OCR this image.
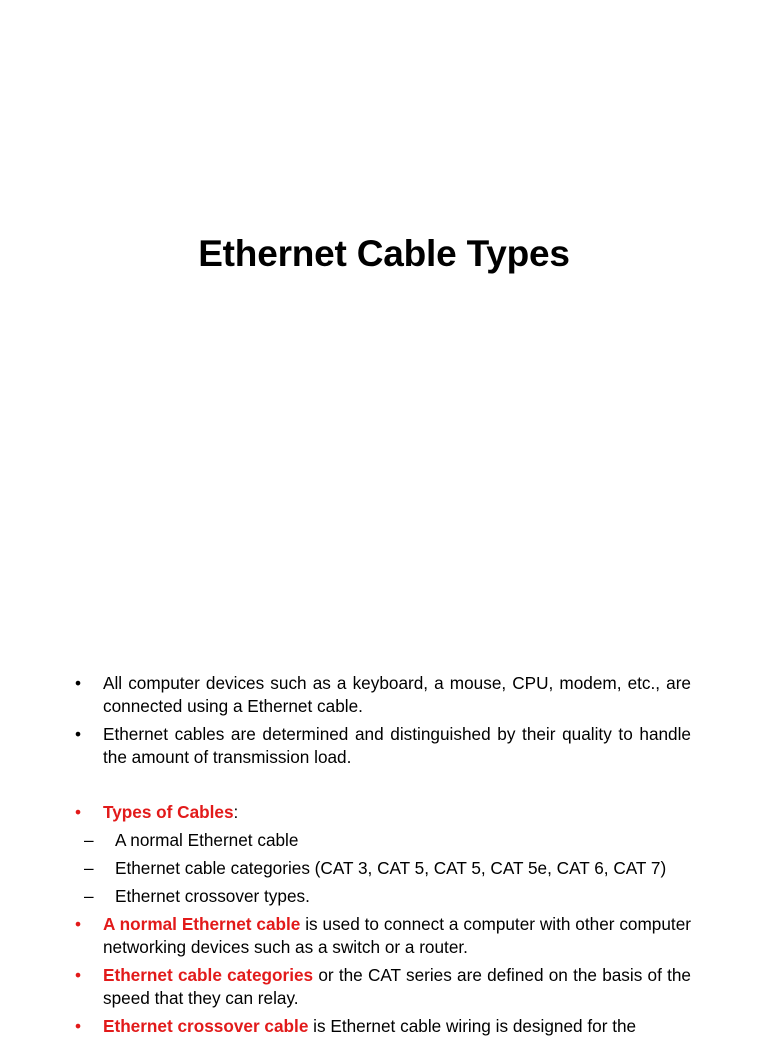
Ethernet Cable Types
•	All computer devices such as a keyboard, a mouse, CPU, modem, etc., are connected using a Ethernet cable.
•	Ethernet cables are determined and distinguished by their quality to handle the amount of transmission load.
•	Types of Cables:
– A normal Ethernet cable
– Ethernet cable categories (CAT 3, CAT 5, CAT 5, CAT 5e, CAT 6, CAT 7)
– Ethernet crossover types.
•	A normal Ethernet cable is used to connect a computer with other computer networking devices such as a switch or a router.
•	Ethernet cable categories or the CAT series are defined on the basis of the speed that they can relay.
•	Ethernet crossover cable is Ethernet cable wiring is designed for the
